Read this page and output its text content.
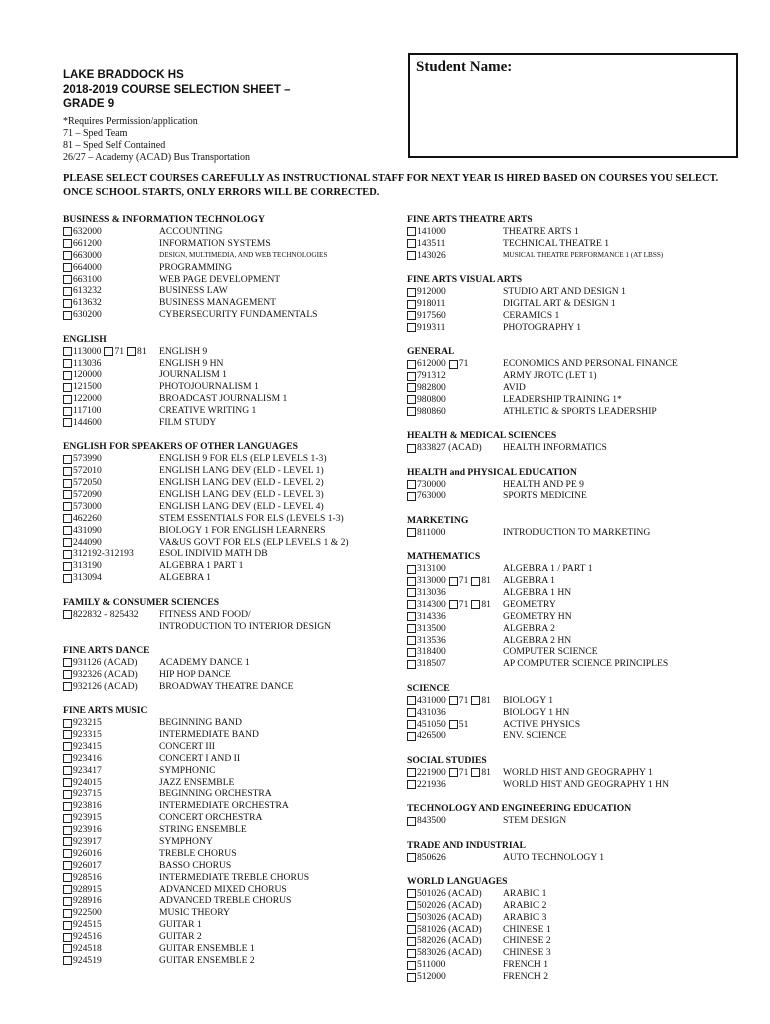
LAKE BRADDOCK HS
2018-2019 COURSE SELECTION SHEET –
GRADE 9
*Requires Permission/application
71 – Sped Team
81 – Sped Self Contained
26/27 – Academy (ACAD) Bus Transportation
Student Name:
PLEASE SELECT COURSES CAREFULLY AS INSTRUCTIONAL STAFF FOR NEXT YEAR IS HIRED BASED ON COURSES YOU SELECT. ONCE SCHOOL STARTS, ONLY ERRORS WILL BE CORRECTED.
BUSINESS & INFORMATION TECHNOLOGY
632000	ACCOUNTING
661200	INFORMATION SYSTEMS
663000	DESIGN, MULTIMEDIA, AND WEB TECHNOLOGIES
664000	PROGRAMMING
663100	WEB PAGE DEVELOPMENT
613232	BUSINESS LAW
613632	BUSINESS MANAGEMENT
630200	CYBERSECURITY FUNDAMENTALS
ENGLISH
113000 71 81 ENGLISH 9
113036	ENGLISH 9 HN
120000	JOURNALISM 1
121500	PHOTOJOURNALISM 1
122000	BROADCAST JOURNALISM 1
117100	CREATIVE WRITING 1
144600	FILM STUDY
ENGLISH FOR SPEAKERS OF OTHER LANGUAGES
573990	ENGLISH 9 FOR ELS (ELP LEVELS 1-3)
572010	ENGLISH LANG DEV (ELD - LEVEL 1)
572050	ENGLISH LANG DEV (ELD - LEVEL 2)
572090	ENGLISH LANG DEV (ELD - LEVEL 3)
573000	ENGLISH LANG DEV (ELD - LEVEL 4)
462260	STEM ESSENTIALS FOR ELS (LEVELS 1-3)
431090	BIOLOGY 1 FOR ENGLISH LEARNERS
244090	VA&US GOVT FOR ELS (ELP LEVELS 1 & 2)
312192-312193	ESOL INDIVID MATH DB
313190	ALGEBRA 1 PART 1
313094	ALGEBRA 1
FAMILY & CONSUMER SCIENCES
822832 - 825432 FITNESS AND FOOD/
INTRODUCTION TO INTERIOR DESIGN
FINE ARTS DANCE
931126 (ACAD) ACADEMY DANCE 1
932326 (ACAD) HIP HOP DANCE
932126 (ACAD) BROADWAY THEATRE DANCE
FINE ARTS MUSIC
923215	BEGINNING BAND
923315	INTERMEDIATE BAND
923415	CONCERT III
923416	CONCERT I AND II
923417	SYMPHONIC
924015	JAZZ ENSEMBLE
923715	BEGINNING ORCHESTRA
923816	INTERMEDIATE ORCHESTRA
923915	CONCERT ORCHESTRA
923916	STRING ENSEMBLE
923917	SYMPHONY
926016	TREBLE CHORUS
926017	BASSO CHORUS
928516	INTERMEDIATE TREBLE CHORUS
928915	ADVANCED MIXED CHORUS
928916	ADVANCED TREBLE CHORUS
922500	MUSIC THEORY
924515	GUITAR 1
924516	GUITAR 2
924518	GUITAR ENSEMBLE 1
924519	GUITAR ENSEMBLE 2
FINE ARTS THEATRE ARTS
141000	THEATRE ARTS 1
143511	TECHNICAL THEATRE 1
143026	MUSICAL THEATRE PERFORMANCE 1 (AT LBSS)
FINE ARTS VISUAL ARTS
912000	STUDIO ART AND DESIGN 1
918011	DIGITAL ART & DESIGN 1
917560	CERAMICS 1
919311	PHOTOGRAPHY 1
GENERAL
612000 71	ECONOMICS AND PERSONAL FINANCE
791312	ARMY JROTC (LET 1)
982800	AVID
980800	LEADERSHIP TRAINING 1*
980860	ATHLETIC & SPORTS LEADERSHIP
HEALTH & MEDICAL SCIENCES
833827 (ACAD) HEALTH INFORMATICS
HEALTH and PHYSICAL EDUCATION
730000	HEALTH AND PE 9
763000	SPORTS MEDICINE
MARKETING
811000	INTRODUCTION TO MARKETING
MATHEMATICS
313100	ALGEBRA 1 / PART 1
313000 71 81 ALGEBRA 1
313036	ALGEBRA 1 HN
314300 71 81 GEOMETRY
314336	GEOMETRY HN
313500	ALGEBRA 2
313536	ALGEBRA 2 HN
318400	COMPUTER SCIENCE
318507	AP COMPUTER SCIENCE PRINCIPLES
SCIENCE
431000 71 81 BIOLOGY 1
431036	BIOLOGY 1 HN
451050 51	ACTIVE PHYSICS
426500	ENV. SCIENCE
SOCIAL STUDIES
221900 71 81 WORLD HIST AND GEOGRAPHY 1
221936	WORLD HIST AND GEOGRAPHY 1 HN
TECHNOLOGY AND ENGINEERING EDUCATION
843500	STEM DESIGN
TRADE AND INDUSTRIAL
850626	AUTO TECHNOLOGY 1
WORLD LANGUAGES
501026 (ACAD) ARABIC 1
502026 (ACAD) ARABIC 2
503026 (ACAD) ARABIC 3
581026 (ACAD) CHINESE 1
582026 (ACAD) CHINESE 2
583026 (ACAD) CHINESE 3
511000	FRENCH 1
512000	FRENCH 2
